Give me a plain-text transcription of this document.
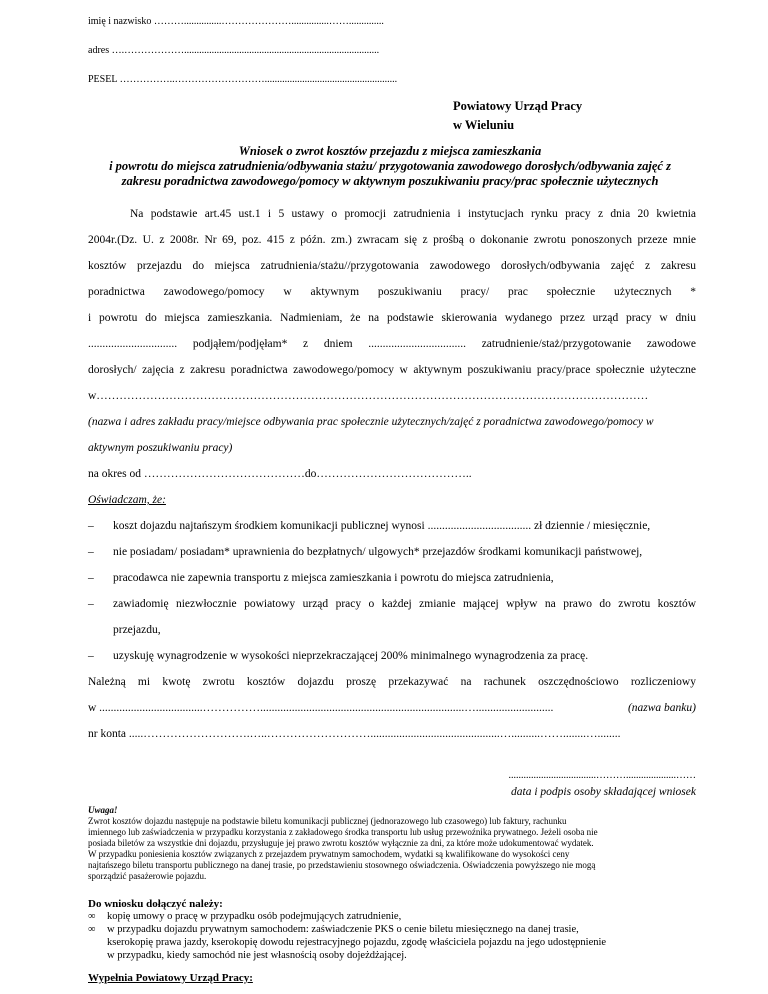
imię i nazwisko ………...............…………………...............……..............
adres ….………………..............................................................................
PESEL ……………..……………………….....................................................
Powiatowy Urząd Pracy
w Wieluniu
Wniosek o zwrot kosztów przejazdu z miejsca zamieszkania
i powrotu do miejsca zatrudnienia/odbywania stażu/ przygotowania zawodowego dorosłych/odbywania zajęć z
zakresu poradnictwa zawodowego/pomocy w aktywnym poszukiwaniu pracy/prac społecznie użytecznych
Na podstawie art.45 ust.1 i 5 ustawy o promocji zatrudnienia i instytucjach rynku pracy z dnia 20 kwietnia
2004r.(Dz. U. z 2008r. Nr 69, poz. 415 z późn. zm.) zwracam się z prośbą o dokonanie zwrotu ponoszonych przeze mnie
kosztów przejazdu do miejsca zatrudnienia/stażu//przygotowania zawodowego dorosłych/odbywania zajęć z zakresu
poradnictwa zawodowego/pomocy w aktywnym poszukiwaniu pracy/ prac społecznie użytecznych *
i powrotu do miejsca zamieszkania. Nadmieniam, że na podstawie skierowania wydanego przez urząd pracy w dniu
............................... podjąłem/podjęłam* z dniem .................................. zatrudnienie/staż/przygotowanie zawodowe
dorosłych/ zajęcia z zakresu poradnictwa zawodowego/pomocy w aktywnym poszukiwaniu pracy/prace społecznie użyteczne
w………………………………………………………………………………………………………………………………
(nazwa i adres zakładu pracy/miejsce odbywania prac społecznie użytecznych/zajęć z poradnictwa zawodowego/pomocy w
aktywnym poszukiwaniu pracy)
na okres od ……………………………………do…………………………………..
Oświadczam, że:
– koszt dojazdu najtańszym środkiem komunikacji publicznej wynosi .................................... zł dziennie / miesięcznie,
– nie posiadam/ posiadam* uprawnienia do bezpłatnych/ ulgowych* przejazdów środkami komunikacji państwowej,
– pracodawca nie zapewnia transportu z miejsca zamieszkania i powrotu do miejsca zatrudnienia,
– zawiadomię niezwłocznie powiatowy urząd pracy o każdej zmianie mającej wpływ na prawo do zwrotu kosztów
przejazdu,
– uzyskuję wynagrodzenie w wysokości nieprzekraczającej 200% minimalnego wynagrodzenia za pracę.
Należną mi kwotę zwrotu kosztów dojazdu proszę przekazywać na rachunek oszczędnościowo rozliczeniowy
w ....................................…………….......................................................................…...........................	(nazwa banku)
nr konta .....……………………….…..……………………….............................................…..........……........…........
...................................………....................……
data i podpis osoby składającej wniosek
Uwaga!
Zwrot kosztów dojazdu następuje na podstawie biletu komunikacji publicznej (jednorazowego lub czasowego) lub faktury, rachunku
imiennego lub zaświadczenia w przypadku korzystania z zakładowego środka transportu lub usług przewoźnika prywatnego. Jeżeli osoba nie
posiada biletów za wszystkie dni dojazdu, przysługuje jej prawo zwrotu kosztów wyłącznie za dni, za które może udokumentować wydatek.
W przypadku poniesienia kosztów związanych z przejazdem prywatnym samochodem, wydatki są kwalifikowane do wysokości ceny
najtańszego biletu transportu publicznego na danej trasie, po przedstawieniu stosownego oświadczenia. Oświadczenia powyższego nie mogą
sporządzić pasażerowie pojazdu.
Do wniosku dołączyć należy:
∞ kopię umowy o pracę w przypadku osób podejmujących zatrudnienie,
∞ w przypadku dojazdu prywatnym samochodem: zaświadczenie PKS o cenie biletu miesięcznego na danej trasie,
kserokopię prawa jazdy, kserokopię dowodu rejestracyjnego pojazdu, zgodę właściciela pojazdu na jego udostępnienie
w przypadku, kiedy samochód nie jest własnością osoby dojeżdżającej.
Wypełnia Powiatowy Urząd Pracy:
